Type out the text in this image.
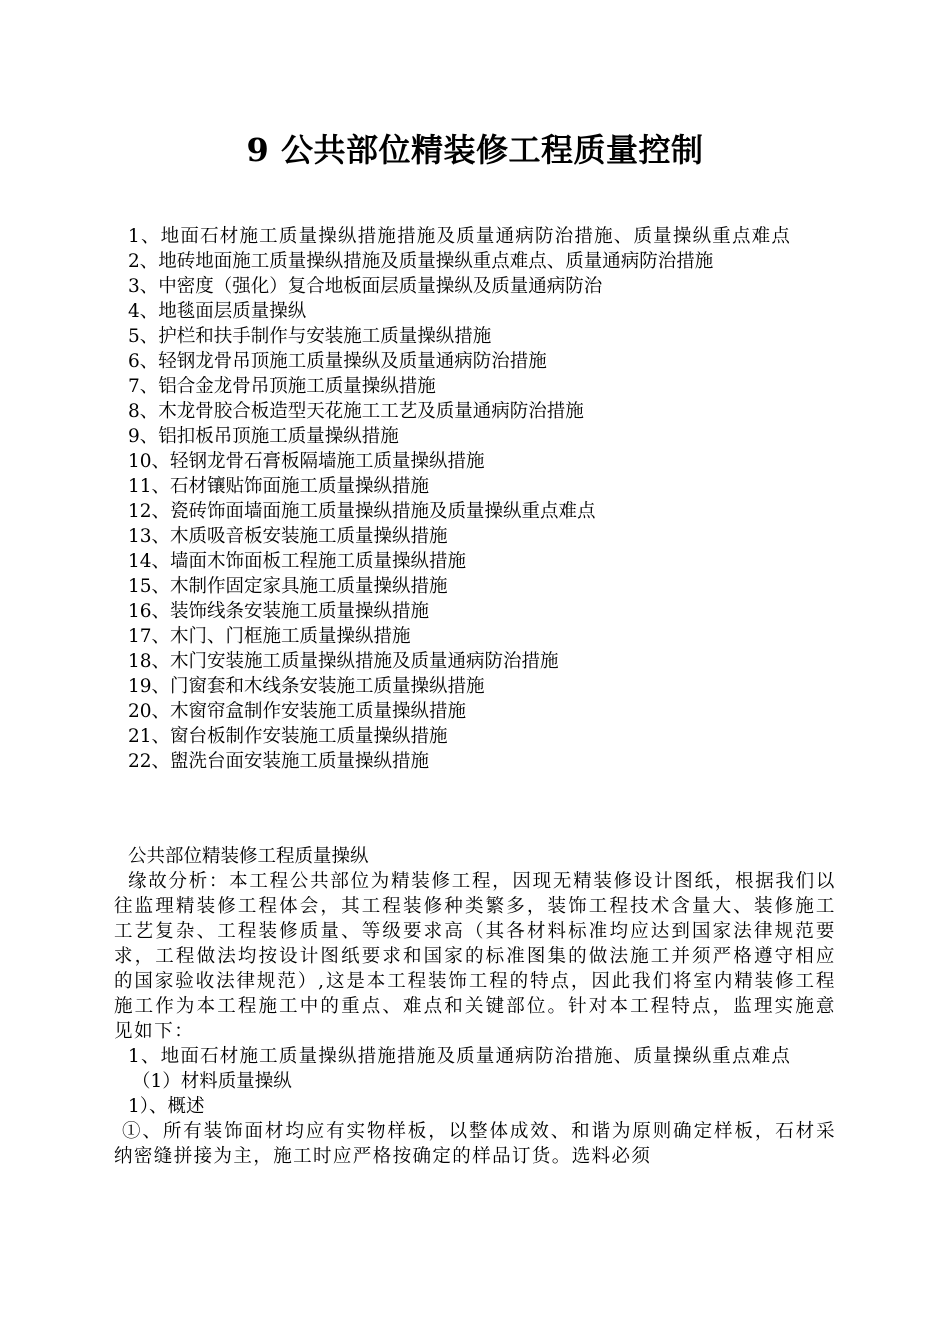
9 公共部位精装修工程质量控制
1、地面石材施工质量操纵措施措施及质量通病防治措施、质量操纵重点难点
2、地砖地面施工质量操纵措施及质量操纵重点难点、质量通病防治措施
3、中密度（强化）复合地板面层质量操纵及质量通病防治
4、地毯面层质量操纵
5、护栏和扶手制作与安装施工质量操纵措施
6、轻钢龙骨吊顶施工质量操纵及质量通病防治措施
7、铝合金龙骨吊顶施工质量操纵措施
8、木龙骨胶合板造型天花施工工艺及质量通病防治措施
9、铝扣板吊顶施工质量操纵措施
10、轻钢龙骨石膏板隔墙施工质量操纵措施
11、石材镶贴饰面施工质量操纵措施
12、瓷砖饰面墙面施工质量操纵措施及质量操纵重点难点
13、木质吸音板安装施工质量操纵措施
14、墙面木饰面板工程施工质量操纵措施
15、木制作固定家具施工质量操纵措施
16、装饰线条安装施工质量操纵措施
17、木门、门框施工质量操纵措施
18、木门安装施工质量操纵措施及质量通病防治措施
19、门窗套和木线条安装施工质量操纵措施
20、木窗帘盒制作安装施工质量操纵措施
21、窗台板制作安装施工质量操纵措施
22、盥洗台面安装施工质量操纵措施
公共部位精装修工程质量操纵
缘故分析：本工程公共部位为精装修工程，因现无精装修设计图纸，根据我们以往监理精装修工程体会，其工程装修种类繁多，装饰工程技术含量大、装修施工工艺复杂、工程装修质量、等级要求高（其各材料标准均应达到国家法律规范要求，工程做法均按设计图纸要求和国家的标准图集的做法施工并须严格遵守相应的国家验收法律规范）,这是本工程装饰工程的特点，因此我们将室内精装修工程施工作为本工程施工中的重点、难点和关键部位。针对本工程特点，监理实施意见如下：
1、地面石材施工质量操纵措施措施及质量通病防治措施、质量操纵重点难点
（1）材料质量操纵
1）、概述
①、所有装饰面材均应有实物样板，以整体成效、和谐为原则确定样板，石材采纳密缝拼接为主，施工时应严格按确定的样品订货。选料必须
